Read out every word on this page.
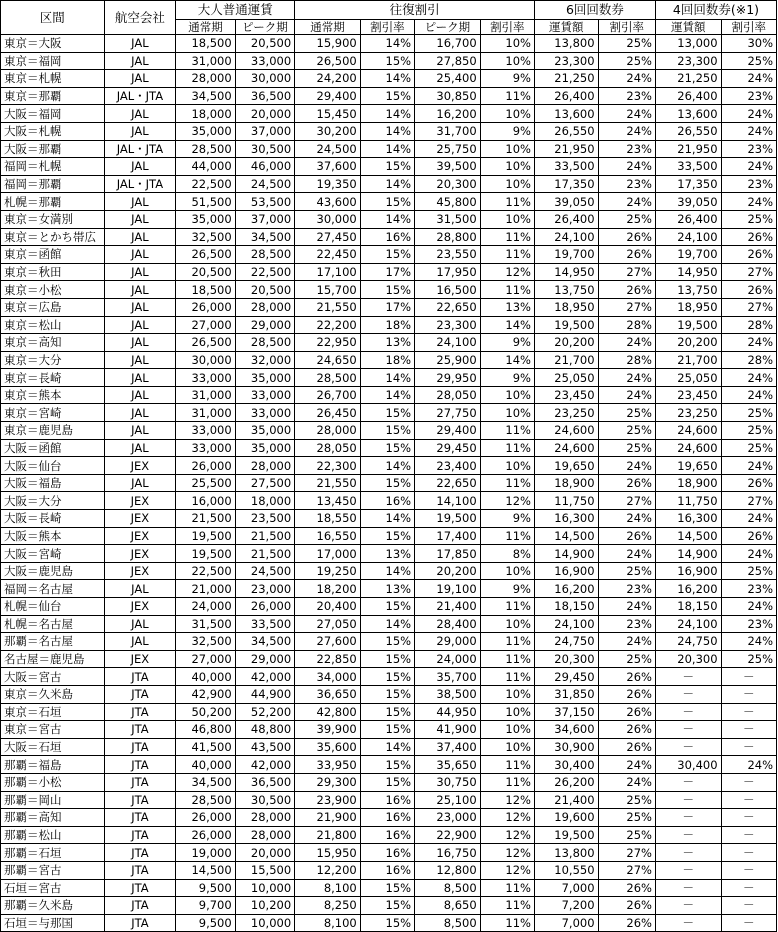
区間	航空会社	大人普通運賃		往復割引				6回回数券		4回回数券(※1)	
		通常期	ピーク期	通常期	割引率	ピーク期	割引率	運賃額	割引率	運賃額	割引率
東京＝大阪	JAL	18,500	20,500	15,900	14%	16,700	10%	13,800	25%	13,000	30%
東京＝福岡	JAL	31,000	33,000	26,500	15%	27,850	10%	23,300	25%	23,300	25%
東京＝札幌	JAL	28,000	30,000	24,200	14%	25,400	9%	21,250	24%	21,250	24%
東京＝那覇	JAL・JTA	34,500	36,500	29,400	15%	30,850	11%	26,400	23%	26,400	23%
大阪＝福岡	JAL	18,000	20,000	15,450	14%	16,200	10%	13,600	24%	13,600	24%
大阪＝札幌	JAL	35,000	37,000	30,200	14%	31,700	9%	26,550	24%	26,550	24%
大阪＝那覇	JAL・JTA	28,500	30,500	24,500	14%	25,750	10%	21,950	23%	21,950	23%
福岡＝札幌	JAL	44,000	46,000	37,600	15%	39,500	10%	33,500	24%	33,500	24%
福岡＝那覇	JAL・JTA	22,500	24,500	19,350	14%	20,300	10%	17,350	23%	17,350	23%
札幌＝那覇	JAL	51,500	53,500	43,600	15%	45,800	11%	39,050	24%	39,050	24%
東京＝女満別	JAL	35,000	37,000	30,000	14%	31,500	10%	26,400	25%	26,400	25%
東京＝とかち帯広	JAL	32,500	34,500	27,450	16%	28,800	11%	24,100	26%	24,100	26%
東京＝函館	JAL	26,500	28,500	22,450	15%	23,550	11%	19,700	26%	19,700	26%
東京＝秋田	JAL	20,500	22,500	17,100	17%	17,950	12%	14,950	27%	14,950	27%
東京＝小松	JAL	18,500	20,500	15,700	15%	16,500	11%	13,750	26%	13,750	26%
東京＝広島	JAL	26,000	28,000	21,550	17%	22,650	13%	18,950	27%	18,950	27%
東京＝松山	JAL	27,000	29,000	22,200	18%	23,300	14%	19,500	28%	19,500	28%
東京＝高知	JAL	26,500	28,500	22,950	13%	24,100	9%	20,200	24%	20,200	24%
東京＝大分	JAL	30,000	32,000	24,650	18%	25,900	14%	21,700	28%	21,700	28%
東京＝長崎	JAL	33,000	35,000	28,500	14%	29,950	9%	25,050	24%	25,050	24%
東京＝熊本	JAL	31,000	33,000	26,700	14%	28,050	10%	23,450	24%	23,450	24%
東京＝宮崎	JAL	31,000	33,000	26,450	15%	27,750	10%	23,250	25%	23,250	25%
東京＝鹿児島	JAL	33,000	35,000	28,000	15%	29,400	11%	24,600	25%	24,600	25%
大阪＝函館	JAL	33,000	35,000	28,050	15%	29,450	11%	24,600	25%	24,600	25%
大阪＝仙台	JEX	26,000	28,000	22,300	14%	23,400	10%	19,650	24%	19,650	24%
大阪＝福島	JAL	25,500	27,500	21,550	15%	22,650	11%	18,900	26%	18,900	26%
大阪＝大分	JEX	16,000	18,000	13,450	16%	14,100	12%	11,750	27%	11,750	27%
大阪＝長崎	JEX	21,500	23,500	18,550	14%	19,500	9%	16,300	24%	16,300	24%
大阪＝熊本	JEX	19,500	21,500	16,550	15%	17,400	11%	14,500	26%	14,500	26%
大阪＝宮崎	JEX	19,500	21,500	17,000	13%	17,850	8%	14,900	24%	14,900	24%
大阪＝鹿児島	JEX	22,500	24,500	19,250	14%	20,200	10%	16,900	25%	16,900	25%
福岡＝名古屋	JAL	21,000	23,000	18,200	13%	19,100	9%	16,200	23%	16,200	23%
札幌＝仙台	JEX	24,000	26,000	20,400	15%	21,400	11%	18,150	24%	18,150	24%
札幌＝名古屋	JAL	31,500	33,500	27,050	14%	28,400	10%	24,100	23%	24,100	23%
那覇＝名古屋	JAL	32,500	34,500	27,600	15%	29,000	11%	24,750	24%	24,750	24%
名古屋＝鹿児島	JEX	27,000	29,000	22,850	15%	24,000	11%	20,300	25%	20,300	25%
大阪＝宮古	JTA	40,000	42,000	34,000	15%	35,700	11%	29,450	26%	－	－
東京＝久米島	JTA	42,900	44,900	36,650	15%	38,500	10%	31,850	26%	－	－
東京＝石垣	JTA	50,200	52,200	42,800	15%	44,950	10%	37,150	26%	－	－
東京＝宮古	JTA	46,800	48,800	39,900	15%	41,900	10%	34,600	26%	－	－
大阪＝石垣	JTA	41,500	43,500	35,600	14%	37,400	10%	30,900	26%	－	－
那覇＝福島	JTA	40,000	42,000	33,950	15%	35,650	11%	30,400	24%	30,400	24%
那覇＝小松	JTA	34,500	36,500	29,300	15%	30,750	11%	26,200	24%	－	－
那覇＝岡山	JTA	28,500	30,500	23,900	16%	25,100	12%	21,400	25%	－	－
那覇＝高知	JTA	26,000	28,000	21,900	16%	23,000	12%	19,600	25%	－	－
那覇＝松山	JTA	26,000	28,000	21,800	16%	22,900	12%	19,500	25%	－	－
那覇＝石垣	JTA	19,000	20,000	15,950	16%	16,750	12%	13,800	27%	－	－
那覇＝宮古	JTA	14,500	15,500	12,200	16%	12,800	12%	10,550	27%	－	－
石垣＝宮古	JTA	9,500	10,000	8,100	15%	8,500	11%	7,000	26%	－	－
那覇＝久米島	JTA	9,700	10,200	8,250	15%	8,650	11%	7,200	26%	－	－
石垣＝与那国	JTA	9,500	10,000	8,100	15%	8,500	11%	7,000	26%	－	－
